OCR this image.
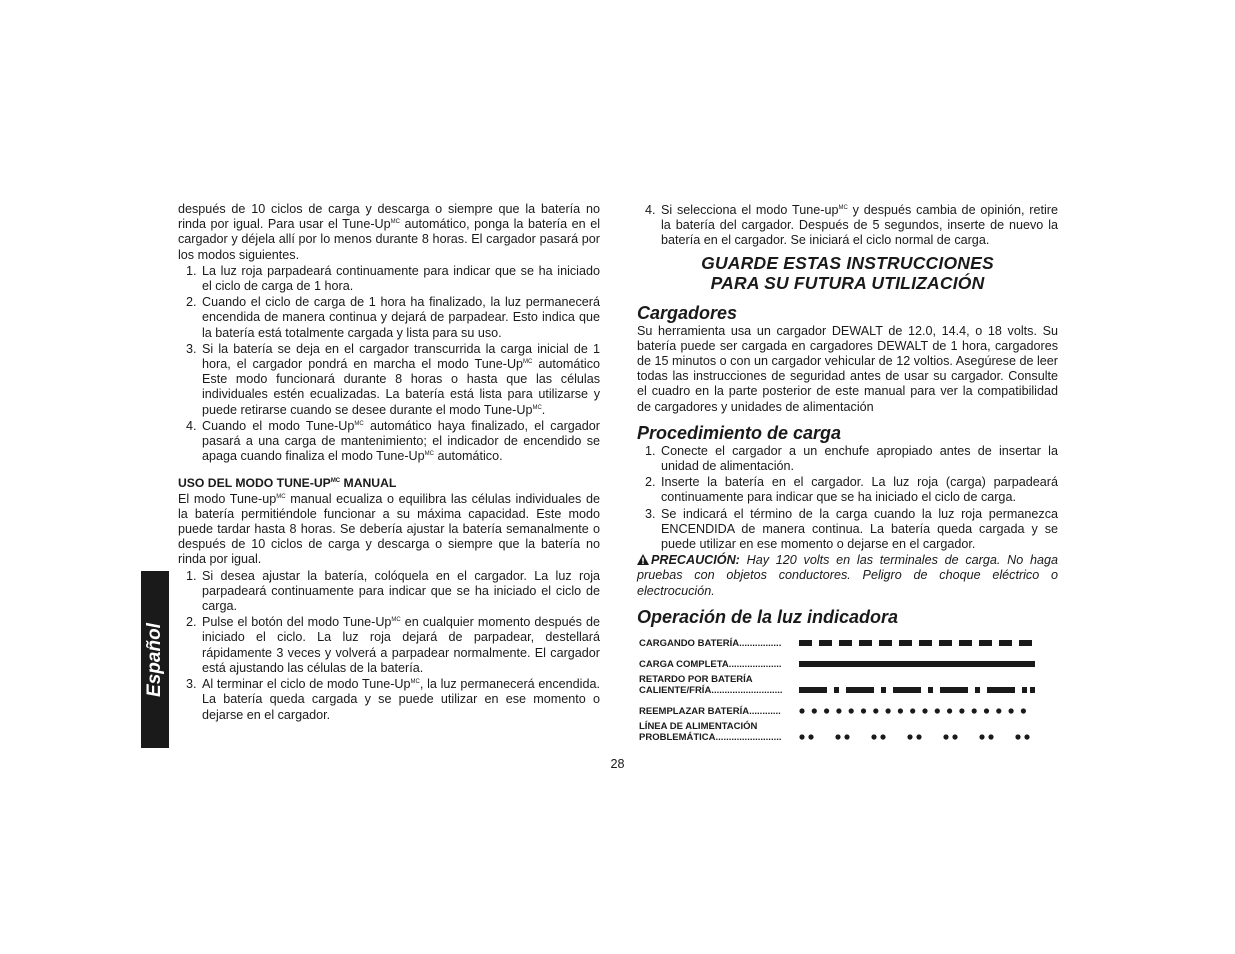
después de 10 ciclos de carga y descarga o siempre que la batería no rinda por igual. Para usar el Tune-$Up^{MC}$ automático, ponga la batería en el cargador y déjela allí por lo menos durante 8 horas. El cargador pasará por los modos siguientes.

1. La luz roja parpadeará continuamente para indicar que se ha iniciado el ciclo de carga de 1 hora.
2. Cuando el ciclo de carga de 1 hora ha finalizado, la luz permanecerá encendida de manera continua y dejará de parpadear. Esto indica que la batería está totalmente cargada y lista para su uso.
3. Si la batería se deja en el cargador transcurrida la carga inicial de 1 hora, el cargador pondrá en marcha el modo Tune-$Up^{MC}$ automático Este modo funcionará durante 8 horas o hasta que las células individuales estén ecualizadas. La batería está lista para utilizarse y puede retirarse cuando se desee durante el modo Tune-$Up^{MC}$.
4. Cuando el modo Tune-$Up^{MC}$ automático haya finalizado, el cargador pasará a una carga de mantenimiento; el indicador de encendido se apaga cuando finaliza el modo Tune-$Up^{MC}$ automático.
USO DEL MODO TUNE-$UP^{MC}$ MANUAL

El modo Tune-$up^{MC}$ manual ecualiza o equilibra las células individuales de la batería permitiéndole funcionar a su máxima capacidad. Este modo puede tardar hasta 8 horas. Se debería ajustar la batería semanalmente o después de 10 ciclos de carga y descarga o siempre que la batería no rinda por igual.

1. Si desea ajustar la batería, colóquela en el cargador. La luz roja parpadeará continuamente para indicar que se ha iniciado el ciclo de carga.
2. Pulse el botón del modo Tune-$Up^{MC}$ en cualquier momento después de iniciado el ciclo. La luz roja dejará de parpadear, destellará rápidamente 3 veces y volverá a parpadear normalmente. El cargador está ajustando las células de la batería.
3. Al terminar el ciclo de modo Tune-$Up^{MC}$, la luz permanecerá encendida. La batería queda cargada y se puede utilizar en ese momento o dejarse en el cargador.
Español
4. Si selecciona el modo Tune-$up^{MC}$ y después cambia de opinión, retire la batería del cargador. Después de 5 segundos, inserte de nuevo la batería en el cargador. Se iniciará el ciclo normal de carga.
GUARDE ESTAS INSTRUCCIONES
PARA SU FUTURA UTILIZACIÓN
Cargadores

Su herramienta usa un cargador DEWALT de 12.0, 14.4, o 18 volts. Su batería puede ser cargada en cargadores DEWALT de 1 hora, cargadores de 15 minutos o con un cargador vehicular de 12 voltios. Asegúrese de leer todas las instrucciones de seguridad antes de usar su cargador. Consulte el cuadro en la parte posterior de este manual para ver la compatibilidad de cargadores y unidades de alimentación

Procedimiento de carga
1. Conecte el cargador a un enchufe apropiado antes de insertar la unidad de alimentación.
2. Inserte la batería en el cargador. La luz roja (carga) parpadeará continuamente para indicar que se ha iniciado el ciclo de carga.
3. Se indicará el término de la carga cuando la luz roja permanezca ENCENDIDA de manera continua. La batería queda cargada y se puede utilizar en ese momento o dejarse en el cargador.
PRECAUCIÓN: Hay 120 volts en las terminales de carga. No haga pruebas con objetos conductores. Peligro de choque eléctrico o electrocución.
Operación de la luz indicadora
CARGANDO BATERÍA................
CARGA COMPLETA....................
RETARDO POR BATERÍA CALIENTE/FRÍA...........................
REEMPLAZAR BATERÍA............
LÍNEA DE ALIMENTACIÓN PROBLEMÁTICA.........................
28
